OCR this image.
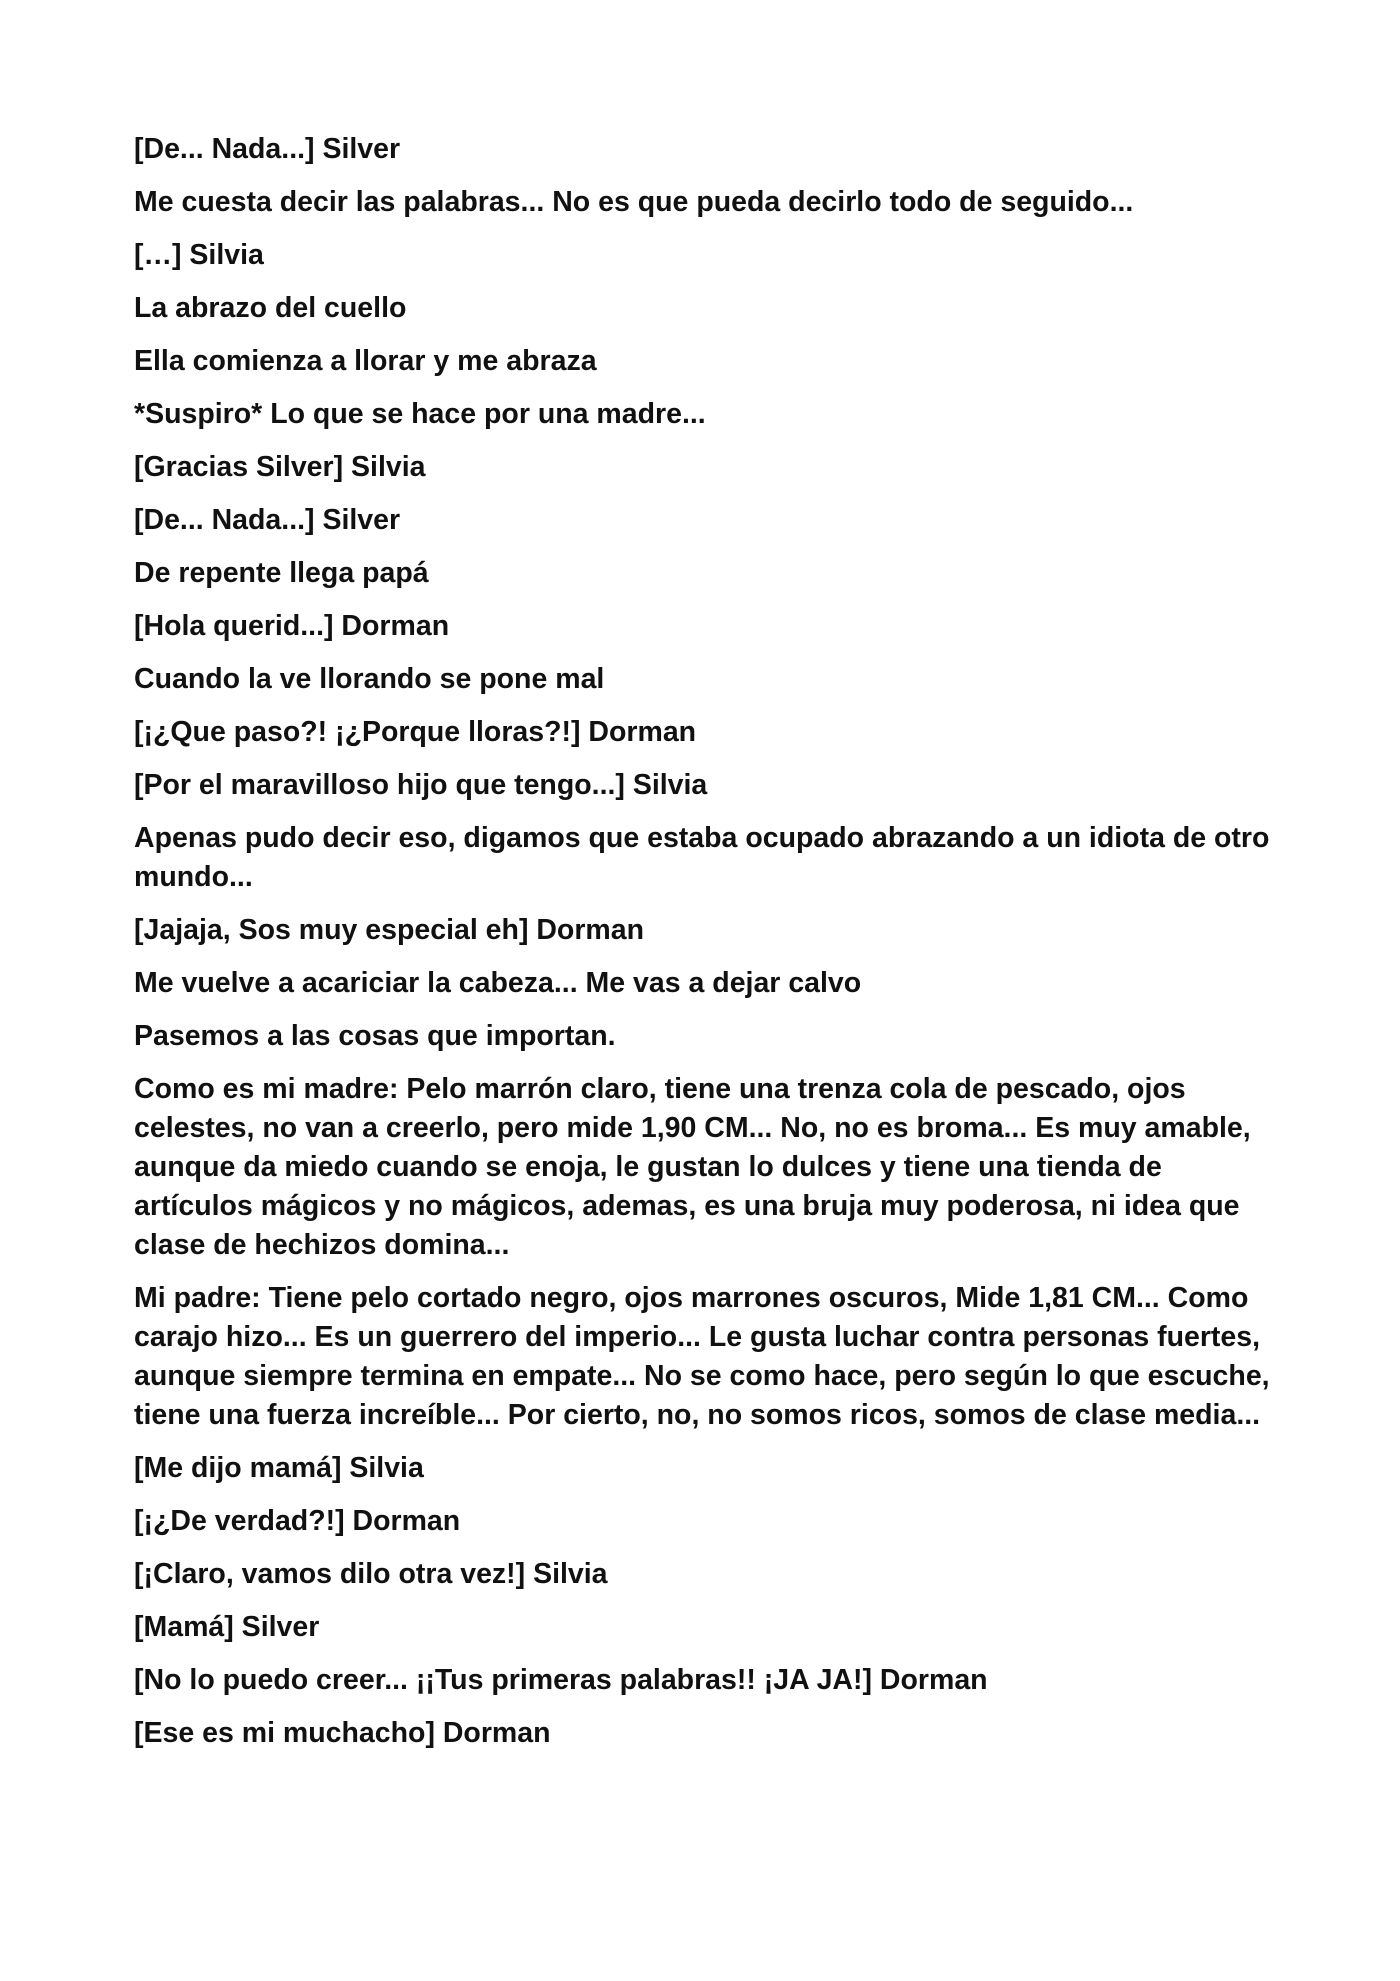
[De... Nada...] Silver

Me cuesta decir las palabras... No es que pueda decirlo todo de seguido...

[…] Silvia

La abrazo del cuello

Ella comienza a llorar y me abraza

*Suspiro* Lo que se hace por una madre...

[Gracias Silver] Silvia

[De... Nada...] Silver

De repente llega papá

[Hola querid...] Dorman

Cuando la ve llorando se pone mal

[¡¿Que paso?! ¡¿Porque lloras?!] Dorman

[Por el maravilloso hijo que tengo...] Silvia

Apenas pudo decir eso, digamos que estaba ocupado abrazando a un idiota de otro mundo...

[Jajaja, Sos muy especial eh] Dorman

Me vuelve a acariciar la cabeza... Me vas a dejar calvo

Pasemos a las cosas que importan.

Como es mi madre: Pelo marrón claro, tiene una trenza cola de pescado, ojos celestes, no van a creerlo, pero mide 1,90 CM... No, no es broma... Es muy amable, aunque da miedo cuando se enoja, le gustan lo dulces y tiene una tienda de artículos mágicos y no mágicos, ademas, es una bruja muy poderosa, ni idea que clase de hechizos domina...

Mi padre: Tiene pelo cortado negro, ojos marrones oscuros, Mide 1,81 CM... Como carajo hizo... Es un guerrero del imperio... Le gusta luchar contra personas fuertes, aunque siempre termina en empate... No se como hace, pero según lo que escuche, tiene una fuerza increíble... Por cierto, no, no somos ricos, somos de clase media...

[Me dijo mamá] Silvia

[¡¿De verdad?!] Dorman

[¡Claro, vamos dilo otra vez!] Silvia

[Mamá] Silver

[No lo puedo creer... ¡¡Tus primeras palabras!! ¡JA JA!] Dorman

[Ese es mi muchacho] Dorman
